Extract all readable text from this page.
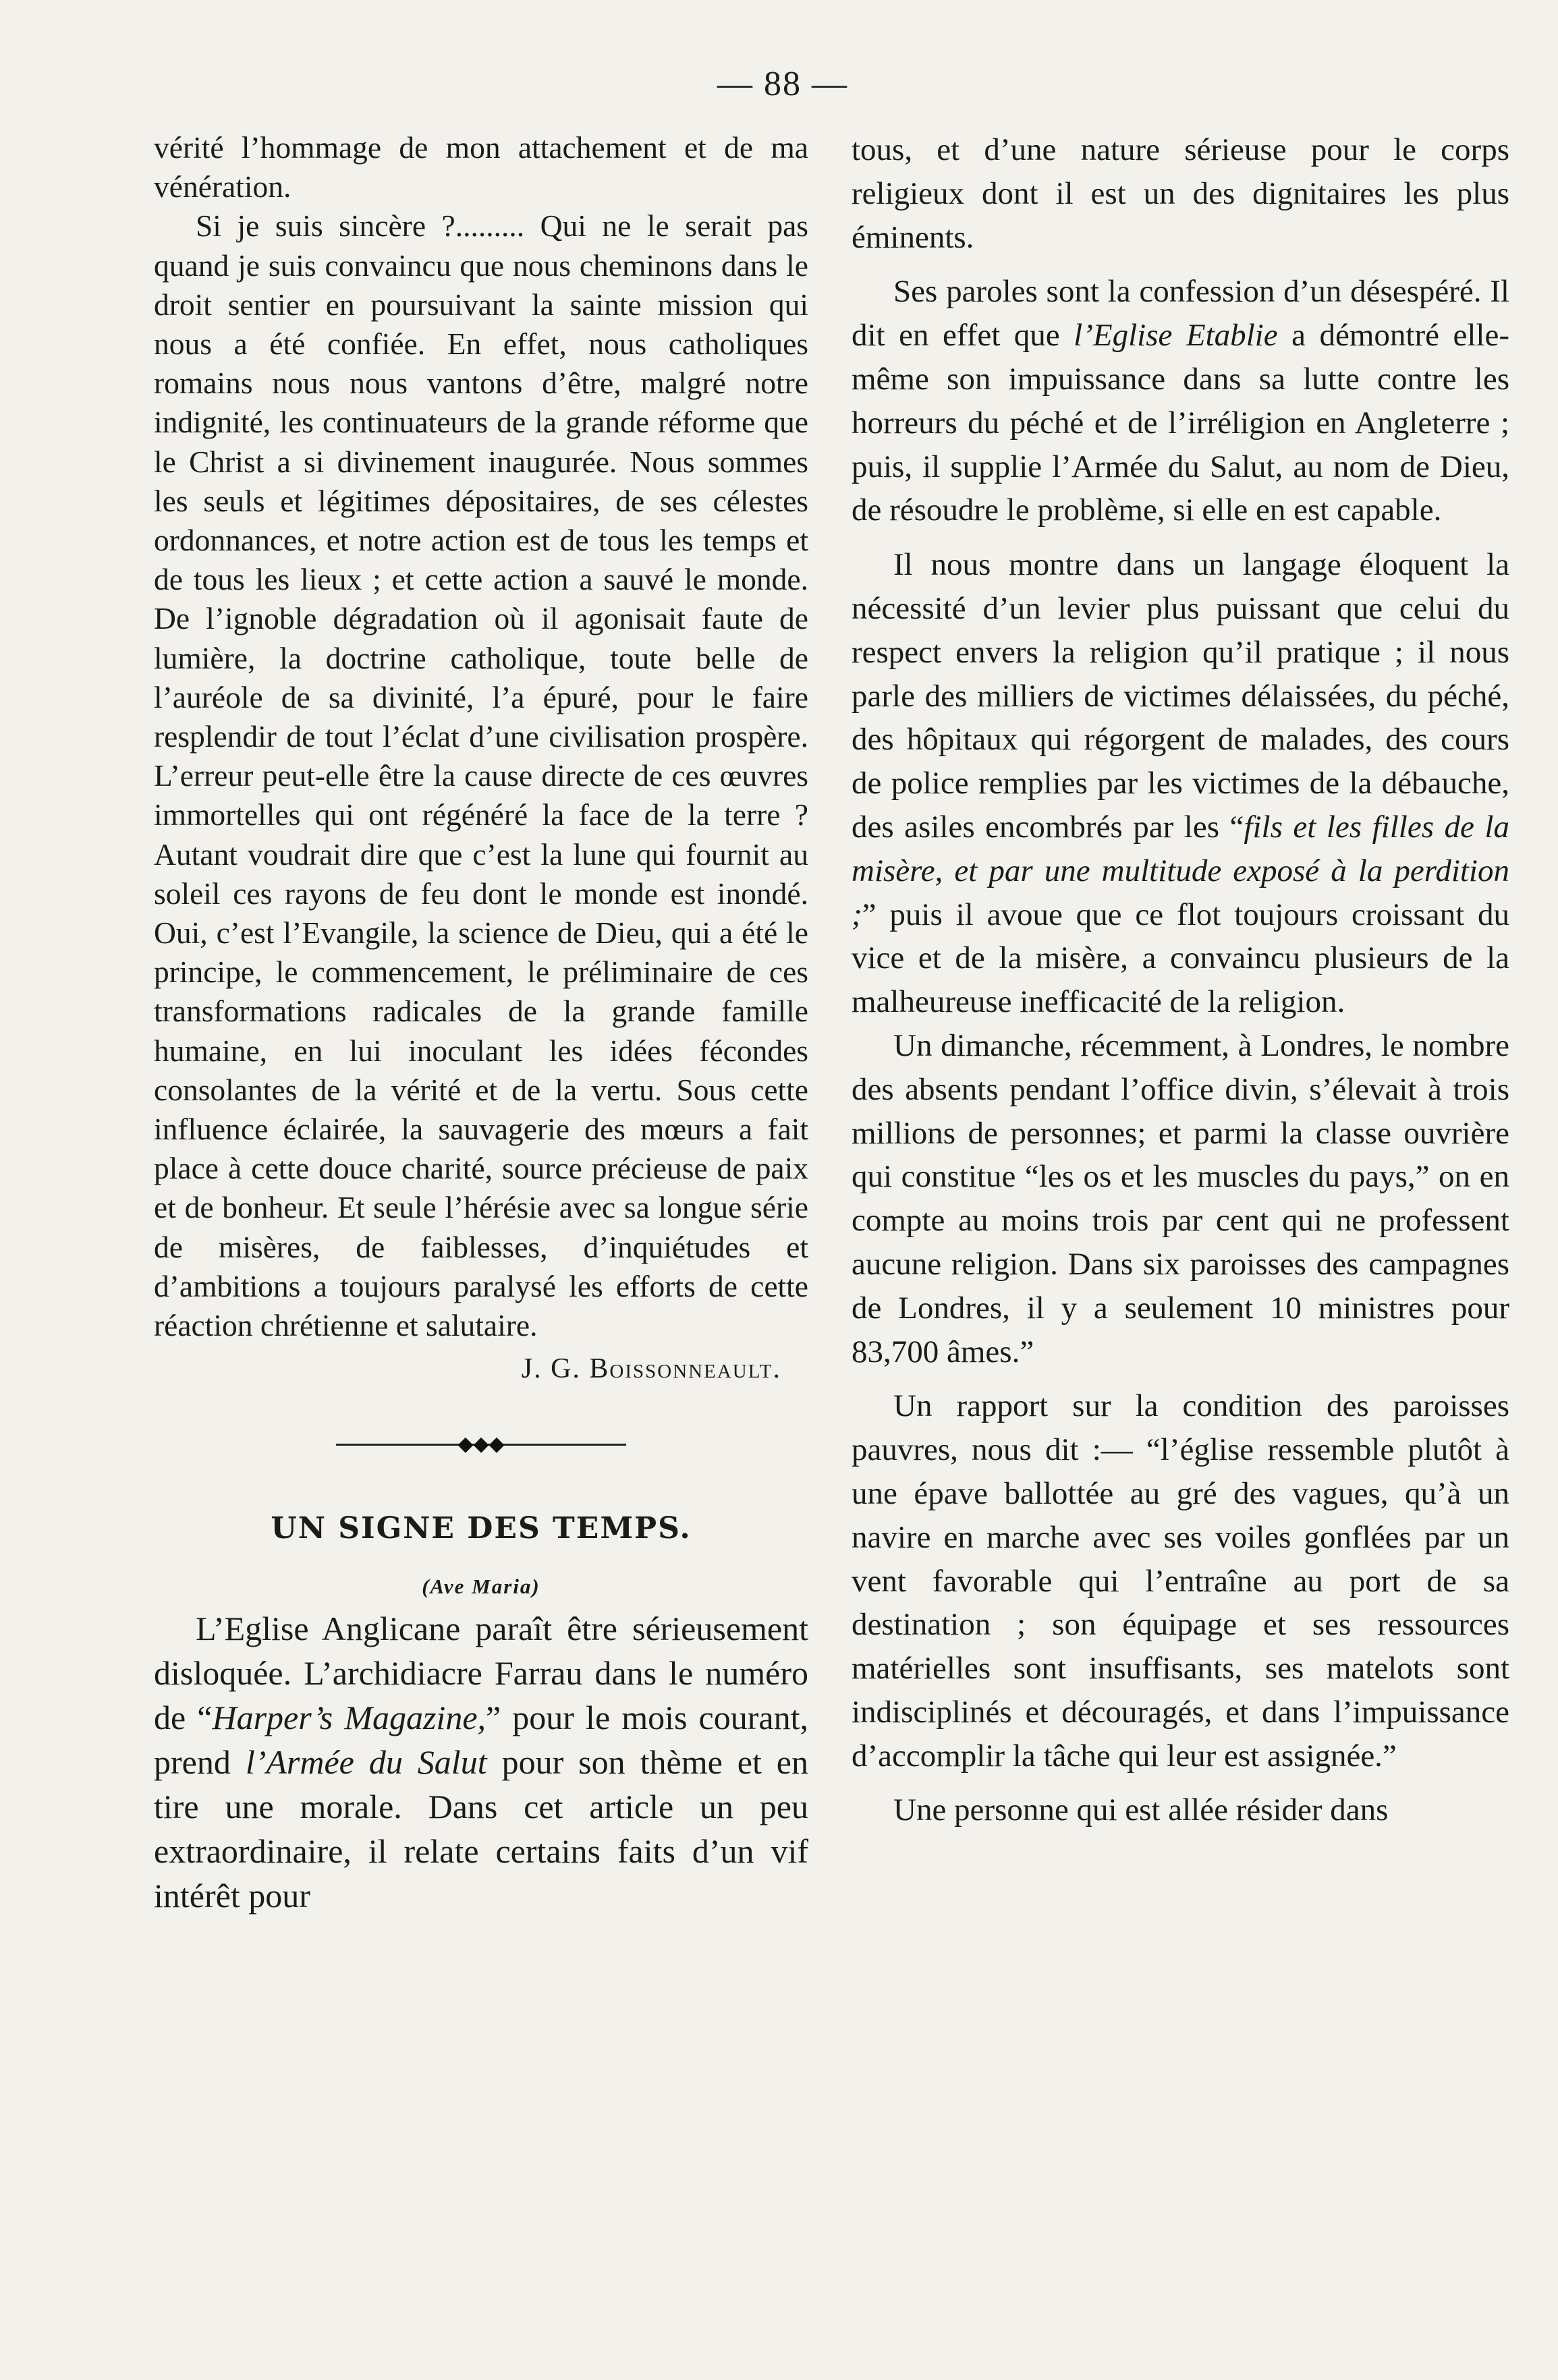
— 88 —

vérité l’hommage de mon attachement et de ma vénération.

Si je suis sincère ?......... Qui ne le serait pas quand je suis convaincu que nous cheminons dans le droit sentier en poursuivant la sainte mission qui nous a été confiée. En effet, nous catholiques romains nous nous vantons d’être, malgré notre indignité, les continuateurs de la grande réforme que le Christ a si divinement inaugurée. Nous sommes les seuls et légitimes dépositaires, de ses célestes ordonnances, et notre action est de tous les temps et de tous les lieux ; et cette action a sauvé le monde. De l’ignoble dégradation où il agonisait faute de lumière, la doctrine catholique, toute belle de l’auréole de sa divinité, l’a épuré, pour le faire resplendir de tout l’éclat d’une civilisation prospère. L’erreur peut-elle être la cause directe de ces œuvres immortelles qui ont régénéré la face de la terre ? Autant voudrait dire que c’est la lune qui fournit au soleil ces rayons de feu dont le monde est inondé. Oui, c’est l’Evangile, la science de Dieu, qui a été le principe, le commencement, le préliminaire de ces transformations radicales de la grande famille humaine, en lui inoculant les idées fécondes consolantes de la vérité et de la vertu. Sous cette influence éclairée, la sauvagerie des mœurs a fait place à cette douce charité, source précieuse de paix et de bonheur. Et seule l’hérésie avec sa longue série de misères, de faiblesses, d’inquiétudes et d’ambitions a toujours paralysé les efforts de cette réaction chrétienne et salutaire.

J. G. Boissonneault.
◆◆◆
UN SIGNE DES TEMPS.
(Ave Maria)

L’Eglise Anglicane paraît être sérieusement disloquée. L’archidiacre Farrau dans le numéro de “Harper’s Magazine,” pour le mois courant, prend l’Armée du Salut pour son thème et en tire une morale. Dans cet article un peu extraordinaire, il relate certains faits d’un vif intérêt pour

tous, et d’une nature sérieuse pour le corps religieux dont il est un des dignitaires les plus éminents.

Ses paroles sont la confession d’un désespéré. Il dit en effet que l’Eglise Etablie a démontré elle-même son impuissance dans sa lutte contre les horreurs du péché et de l’irréligion en Angleterre ; puis, il supplie l’Armée du Salut, au nom de Dieu, de résoudre le problème, si elle en est capable.

Il nous montre dans un langage éloquent la nécessité d’un levier plus puissant que celui du respect envers la religion qu’il pratique ; il nous parle des milliers de victimes délaissées, du péché, des hôpitaux qui régorgent de malades, des cours de police remplies par les victimes de la débauche, des asiles encombrés par les “fils et les filles de la misère, et par une multitude exposé à la perdition ;” puis il avoue que ce flot toujours croissant du vice et de la misère, a convaincu plusieurs de la malheureuse inefficacité de la religion.

Un dimanche, récemment, à Londres, le nombre des absents pendant l’office divin, s’élevait à trois millions de personnes; et parmi la classe ouvrière qui constitue “les os et les muscles du pays,” on en compte au moins trois par cent qui ne professent aucune religion. Dans six paroisses des campagnes de Londres, il y a seulement 10 ministres pour 83,700 âmes.”

Un rapport sur la condition des paroisses pauvres, nous dit :— “l’église ressemble plutôt à une épave ballottée au gré des vagues, qu’à un navire en marche avec ses voiles gonflées par un vent favorable qui l’entraîne au port de sa destination ; son équipage et ses ressources matérielles sont insuffisants, ses matelots sont indisciplinés et découragés, et dans l’impuissance d’accomplir la tâche qui leur est assignée.”

Une personne qui est allée résider dans
